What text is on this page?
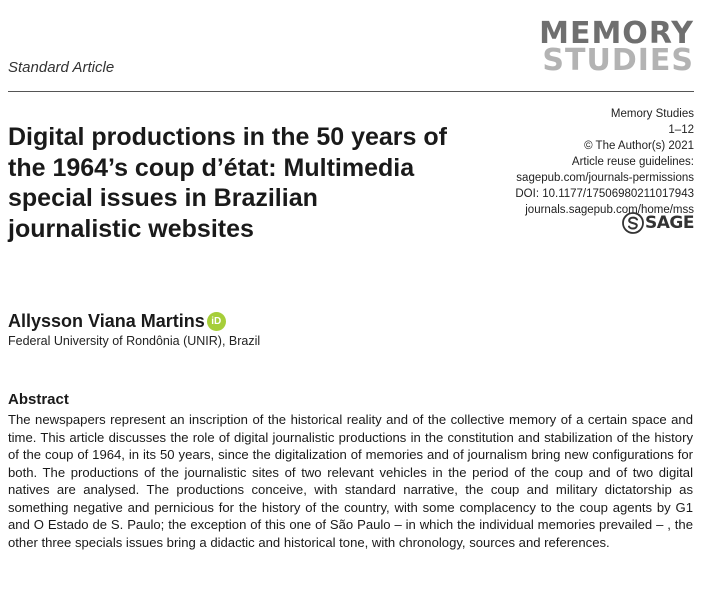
Standard Article
MEMORY
STUDIES
Memory Studies
1–12
© The Author(s) 2021
Article reuse guidelines:
sagepub.com/journals-permissions
DOI: 10.1177/17506980211017943
journals.sagepub.com/home/mss
SAGE
Digital productions in the 50 years of the 1964’s coup d’état: Multimedia special issues in Brazilian journalistic websites
Allysson Viana Martins iD
Federal University of Rondônia (UNIR), Brazil
Abstract
The newspapers represent an inscription of the historical reality and of the collective memory of a certain space and time. This article discusses the role of digital journalistic productions in the constitution and stabilization of the history of the coup of 1964, in its 50 years, since the digitalization of memories and of journalism bring new configurations for both. The productions of the journalistic sites of two relevant vehicles in the period of the coup and of two digital natives are analysed. The productions conceive, with standard narrative, the coup and military dictatorship as something negative and pernicious for the history of the country, with some complacency to the coup agents by G1 and O Estado de S. Paulo; the exception of this one of São Paulo – in which the individual memories prevailed – , the other three specials issues bring a didactic and historical tone, with chronology, sources and references.
